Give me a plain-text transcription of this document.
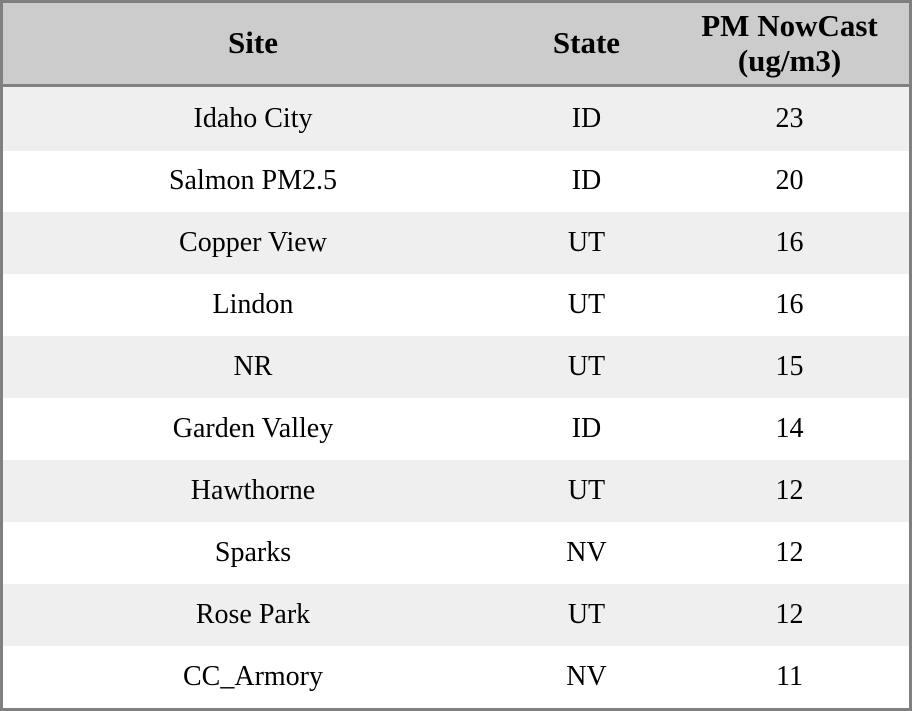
Site	State	PM NowCast (ug/m3)
Idaho City	ID	23
Salmon PM2.5	ID	20
Copper View	UT	16
Lindon	UT	16
NR	UT	15
Garden Valley	ID	14
Hawthorne	UT	12
Sparks	NV	12
Rose Park	UT	12
CC_Armory	NV	11
